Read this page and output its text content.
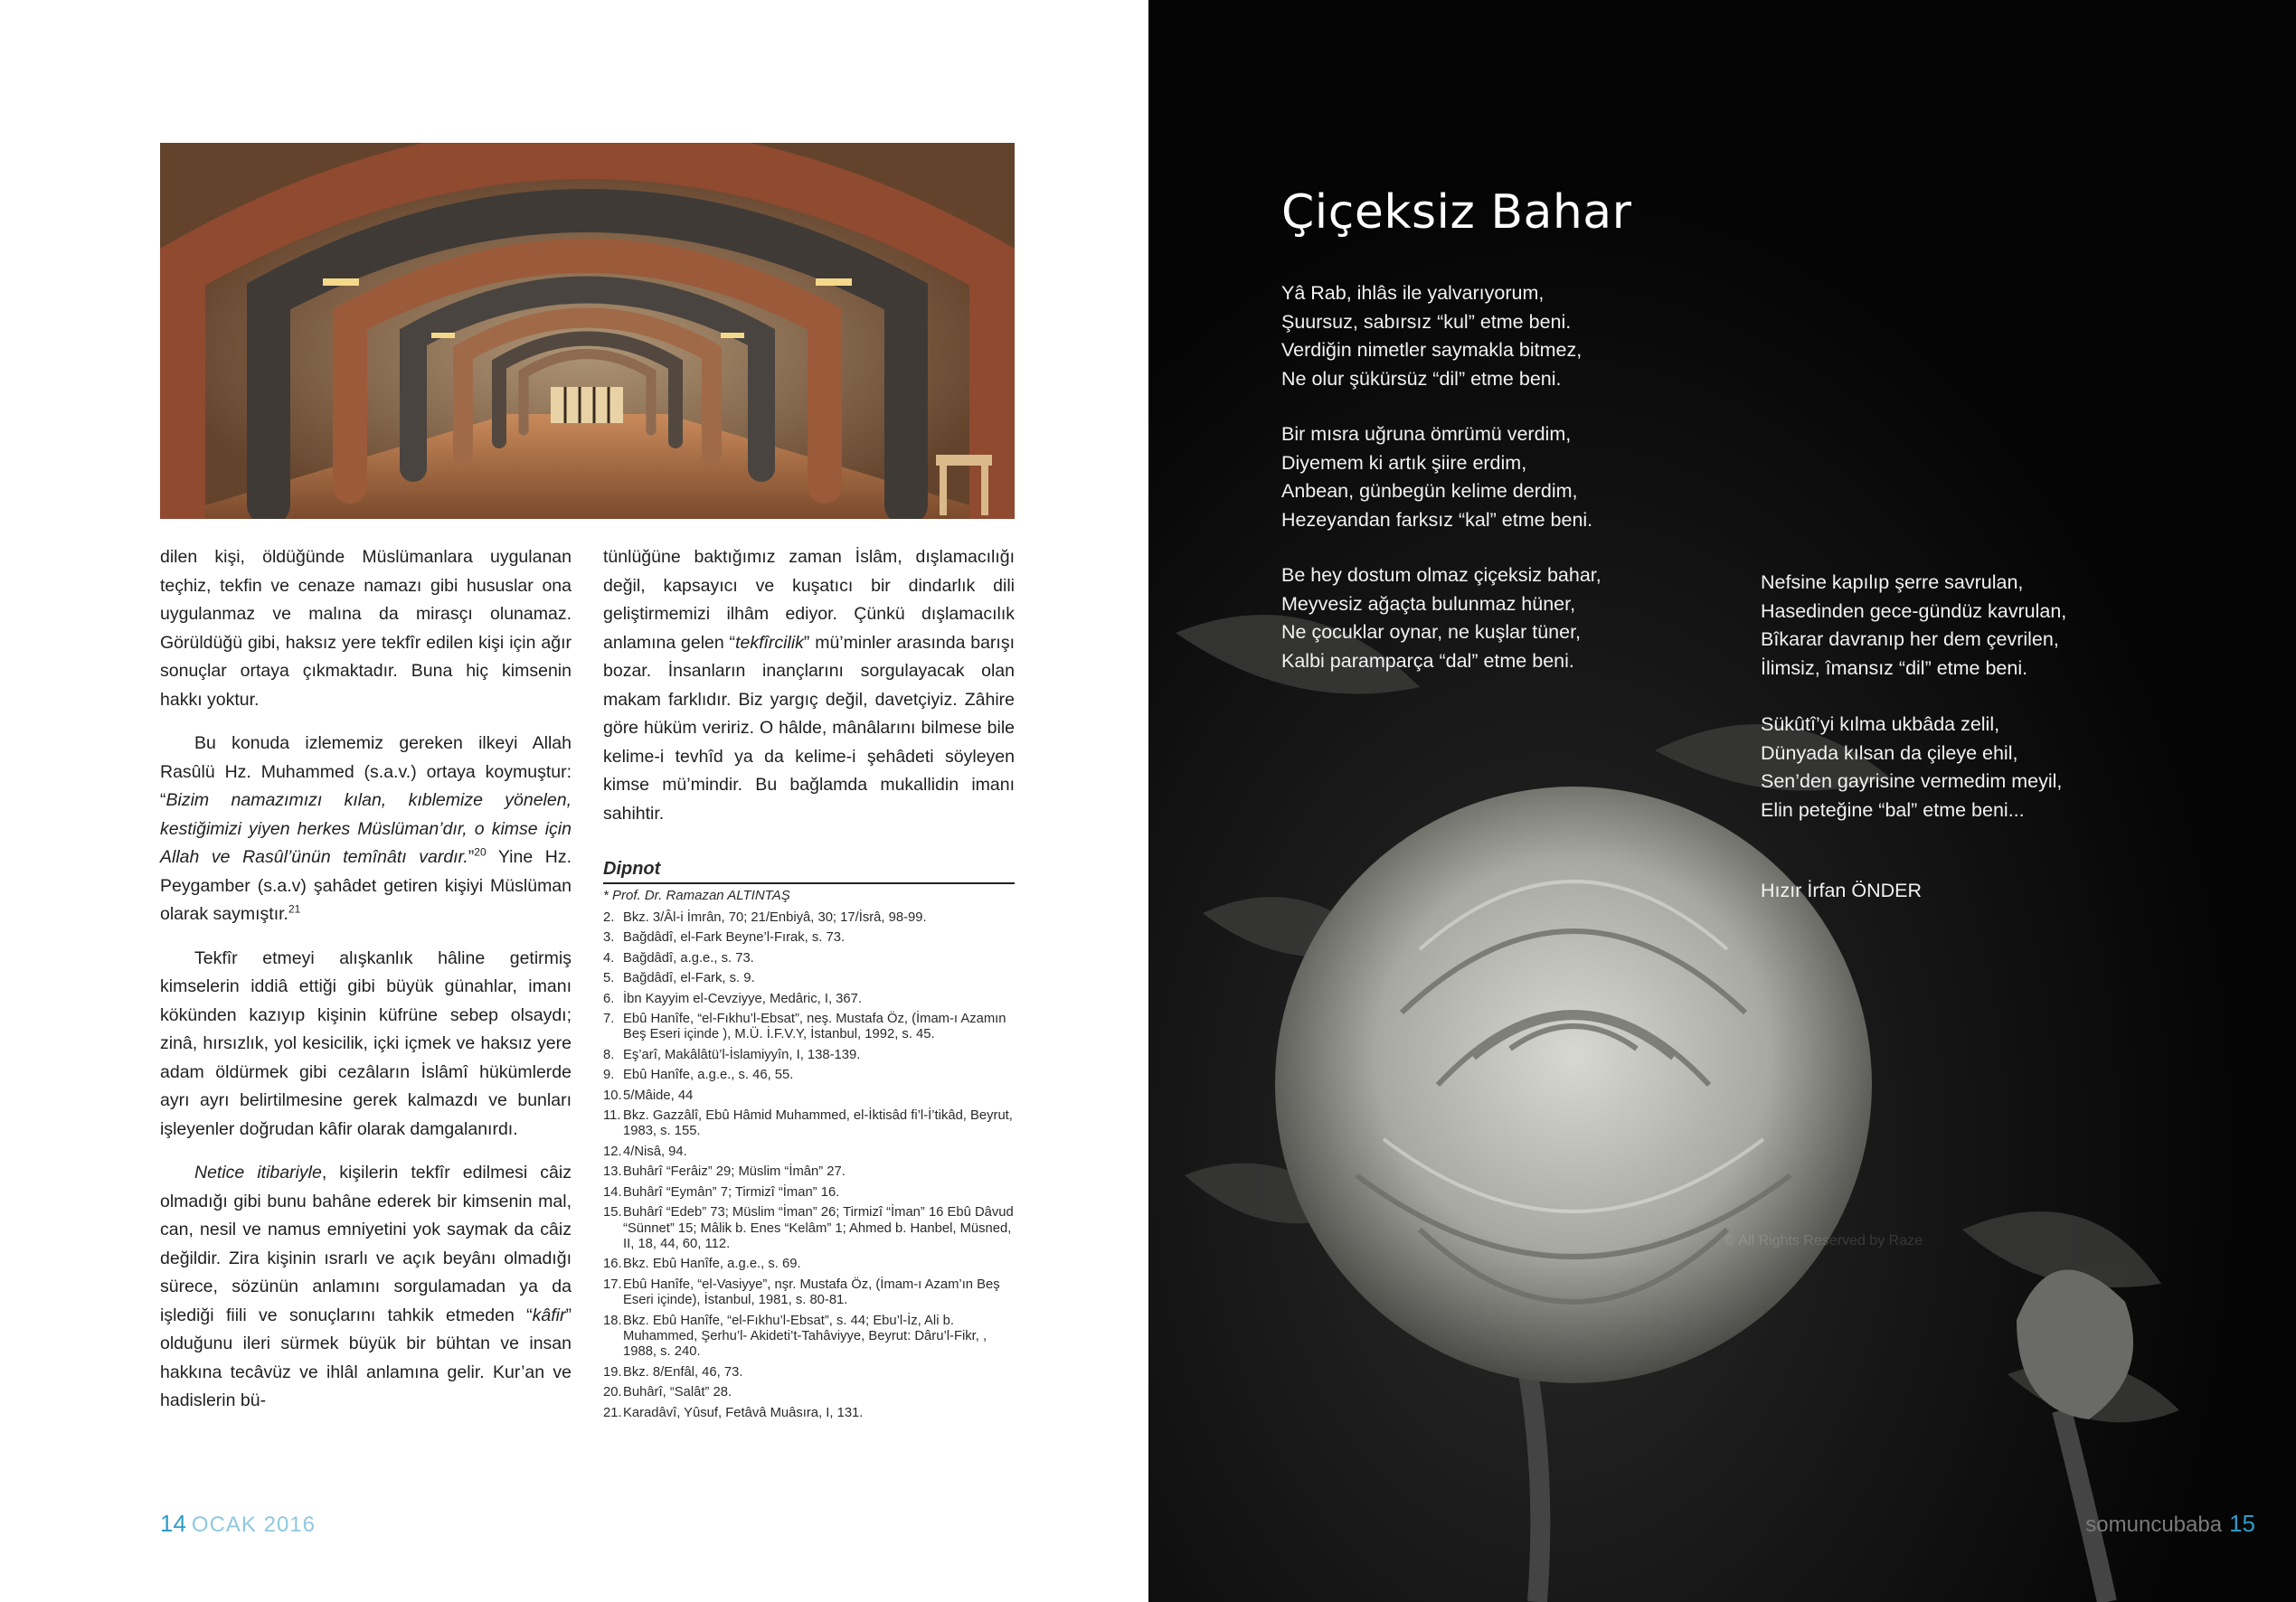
dilen kişi, öldüğünde Müslümanlara uygulanan teçhiz, tekfin ve cenaze namazı gibi hususlar ona uygulanmaz ve malına da mirasçı olunamaz. Görüldüğü gibi, haksız yere tekfîr edilen kişi için ağır sonuçlar ortaya çıkmaktadır. Buna hiç kimsenin hakkı yoktur.

Bu konuda izlememiz gereken ilkeyi Allah Rasûlü Hz. Muhammed (s.a.v.) ortaya koymuştur: “Bizim namazımızı kılan, kıblemize yönelen, kestiğimizi yiyen herkes Müslüman’dır, o kimse için Allah ve Rasûl’ünün temînâtı vardır.”$^{20}$ Yine Hz. Peygamber (s.a.v) şahâdet getiren kişiyi Müslüman olarak saymıştır.$^{21}$

Tekfîr etmeyi alışkanlık hâline getirmiş kimselerin iddiâ ettiği gibi büyük günahlar, imanı kökünden kazıyıp kişinin küfrüne sebep olsaydı; zinâ, hırsızlık, yol kesicilik, içki içmek ve haksız yere adam öldürmek gibi cezâların İslâmî hükümlerde ayrı ayrı belirtilmesine gerek kalmazdı ve bunları işleyenler doğrudan kâfir olarak damgalanırdı.

Netice itibariyle, kişilerin tekfîr edilmesi câiz olmadığı gibi bunu bahâne ederek bir kimsenin mal, can, nesil ve namus emniyetini yok saymak da câiz değildir. Zira kişinin ısrarlı ve açık beyânı olmadığı sürece, sözünün anlamını sorgulamadan ya da işlediği fiili ve sonuçlarını tahkik etmeden “kâfir” olduğunu ileri sürmek büyük bir bühtan ve insan hakkına tecâvüz ve ihlâl anlamına gelir. Kur’an ve hadislerin bü-

tünlüğüne baktığımız zaman İslâm, dışlamacılığı değil, kapsayıcı ve kuşatıcı bir dindarlık dili geliştirmemizi ilhâm ediyor. Çünkü dışlamacılık anlamına gelen “tekfîrcilik” mü’minler arasında barışı bozar. İnsanların inançlarını sorgulayacak olan makam farklıdır. Biz yargıç değil, davetçiyiz. Zâhire göre hüküm veririz. O hâlde, mânâlarını bilmese bile kelime-i tevhîd ya da kelime-i şehâdeti söyleyen kimse mü’mindir. Bu bağlamda mukallidin imanı sahihtir.

Dipnot
* Prof. Dr. Ramazan ALTINTAŞ
2. Bkz. 3/Âl-i İmrân, 70; 21/Enbiyâ, 30; 17/İsrâ, 98-99.
3. Bağdâdî, el-Fark Beyne’l-Fırak, s. 73.
4. Bağdâdî, a.g.e., s. 73.
5. Bağdâdî, el-Fark, s. 9.
6. İbn Kayyim el-Cevziyye, Medâric, I, 367.
7. Ebû Hanîfe, “el-Fıkhu’l-Ebsat”, neş. Mustafa Öz, (İmam-ı Azamın Beş Eseri içinde ), M.Ü. İ.F.V.Y, İstanbul, 1992, s. 45.
8. Eş’arî, Makâlâtü’l-İslamiyyîn, I, 138-139.
9. Ebû Hanîfe, a.g.e., s. 46, 55.
10. 5/Mâide, 44
11. Bkz. Gazzâlî, Ebû Hâmid Muhammed, el-İktisâd fi’l-İ’tikâd, Beyrut, 1983, s. 155.
12. 4/Nisâ, 94.
13. Buhârî “Ferâiz” 29; Müslim “İmân” 27.
14. Buhârî “Eymân” 7; Tirmizî “İman” 16.
15. Buhârî “Edeb” 73; Müslim “İman” 26; Tirmizî “İman” 16 Ebû Dâvud “Sünnet” 15; Mâlik b. Enes “Kelâm” 1; Ahmed b. Hanbel, Müsned, II, 18, 44, 60, 112.
16. Bkz. Ebû Hanîfe, a.g.e., s. 69.
17. Ebû Hanîfe, “el-Vasiyye”, nşr. Mustafa Öz, (İmam-ı Azam’ın Beş Eseri içinde), İstanbul, 1981, s. 80-81.
18. Bkz. Ebû Hanîfe, “el-Fıkhu’l-Ebsat”, s. 44; Ebu’l-İz, Ali b. Muhammed, Şerhu’l- Akideti’t-Tahâviyye, Beyrut: Dâru’l-Fikr, , 1988, s. 240.
19. Bkz. 8/Enfâl, 46, 73.
20. Buhârî, “Salât” 28.
21. Karadâvî, Yûsuf, Fetâvâ Muâsıra, I, 131.
14 OCAK 2016
Çiçeksiz Bahar
Yâ Rab, ihlâs ile yalvarıyorum,
Şuursuz, sabırsız “kul” etme beni.
Verdiğin nimetler saymakla bitmez,
Ne olur şükürsüz “dil” etme beni.
Bir mısra uğruna ömrümü verdim,
Diyemem ki artık şiire erdim,
Anbean, günbegün kelime derdim,
Hezeyandan farksız “kal” etme beni.
Be hey dostum olmaz çiçeksiz bahar,
Meyvesiz ağaçta bulunmaz hüner,
Ne çocuklar oynar, ne kuşlar tüner,
Kalbi paramparça “dal” etme beni.
Nefsine kapılıp şerre savrulan,
Hasedinden gece-gündüz kavrulan,
Bîkarar davranıp her dem çevrilen,
İlimsiz, îmansız “dil” etme beni.
Sükûtî’yi kılma ukbâda zelil,
Dünyada kılsan da çileye ehil,
Sen’den gayrisine vermedim meyil,
Elin peteğine “bal” etme beni...
Hızır İrfan ÖNDER
© All Rights Reserved by Raze
somuncubaba 15
